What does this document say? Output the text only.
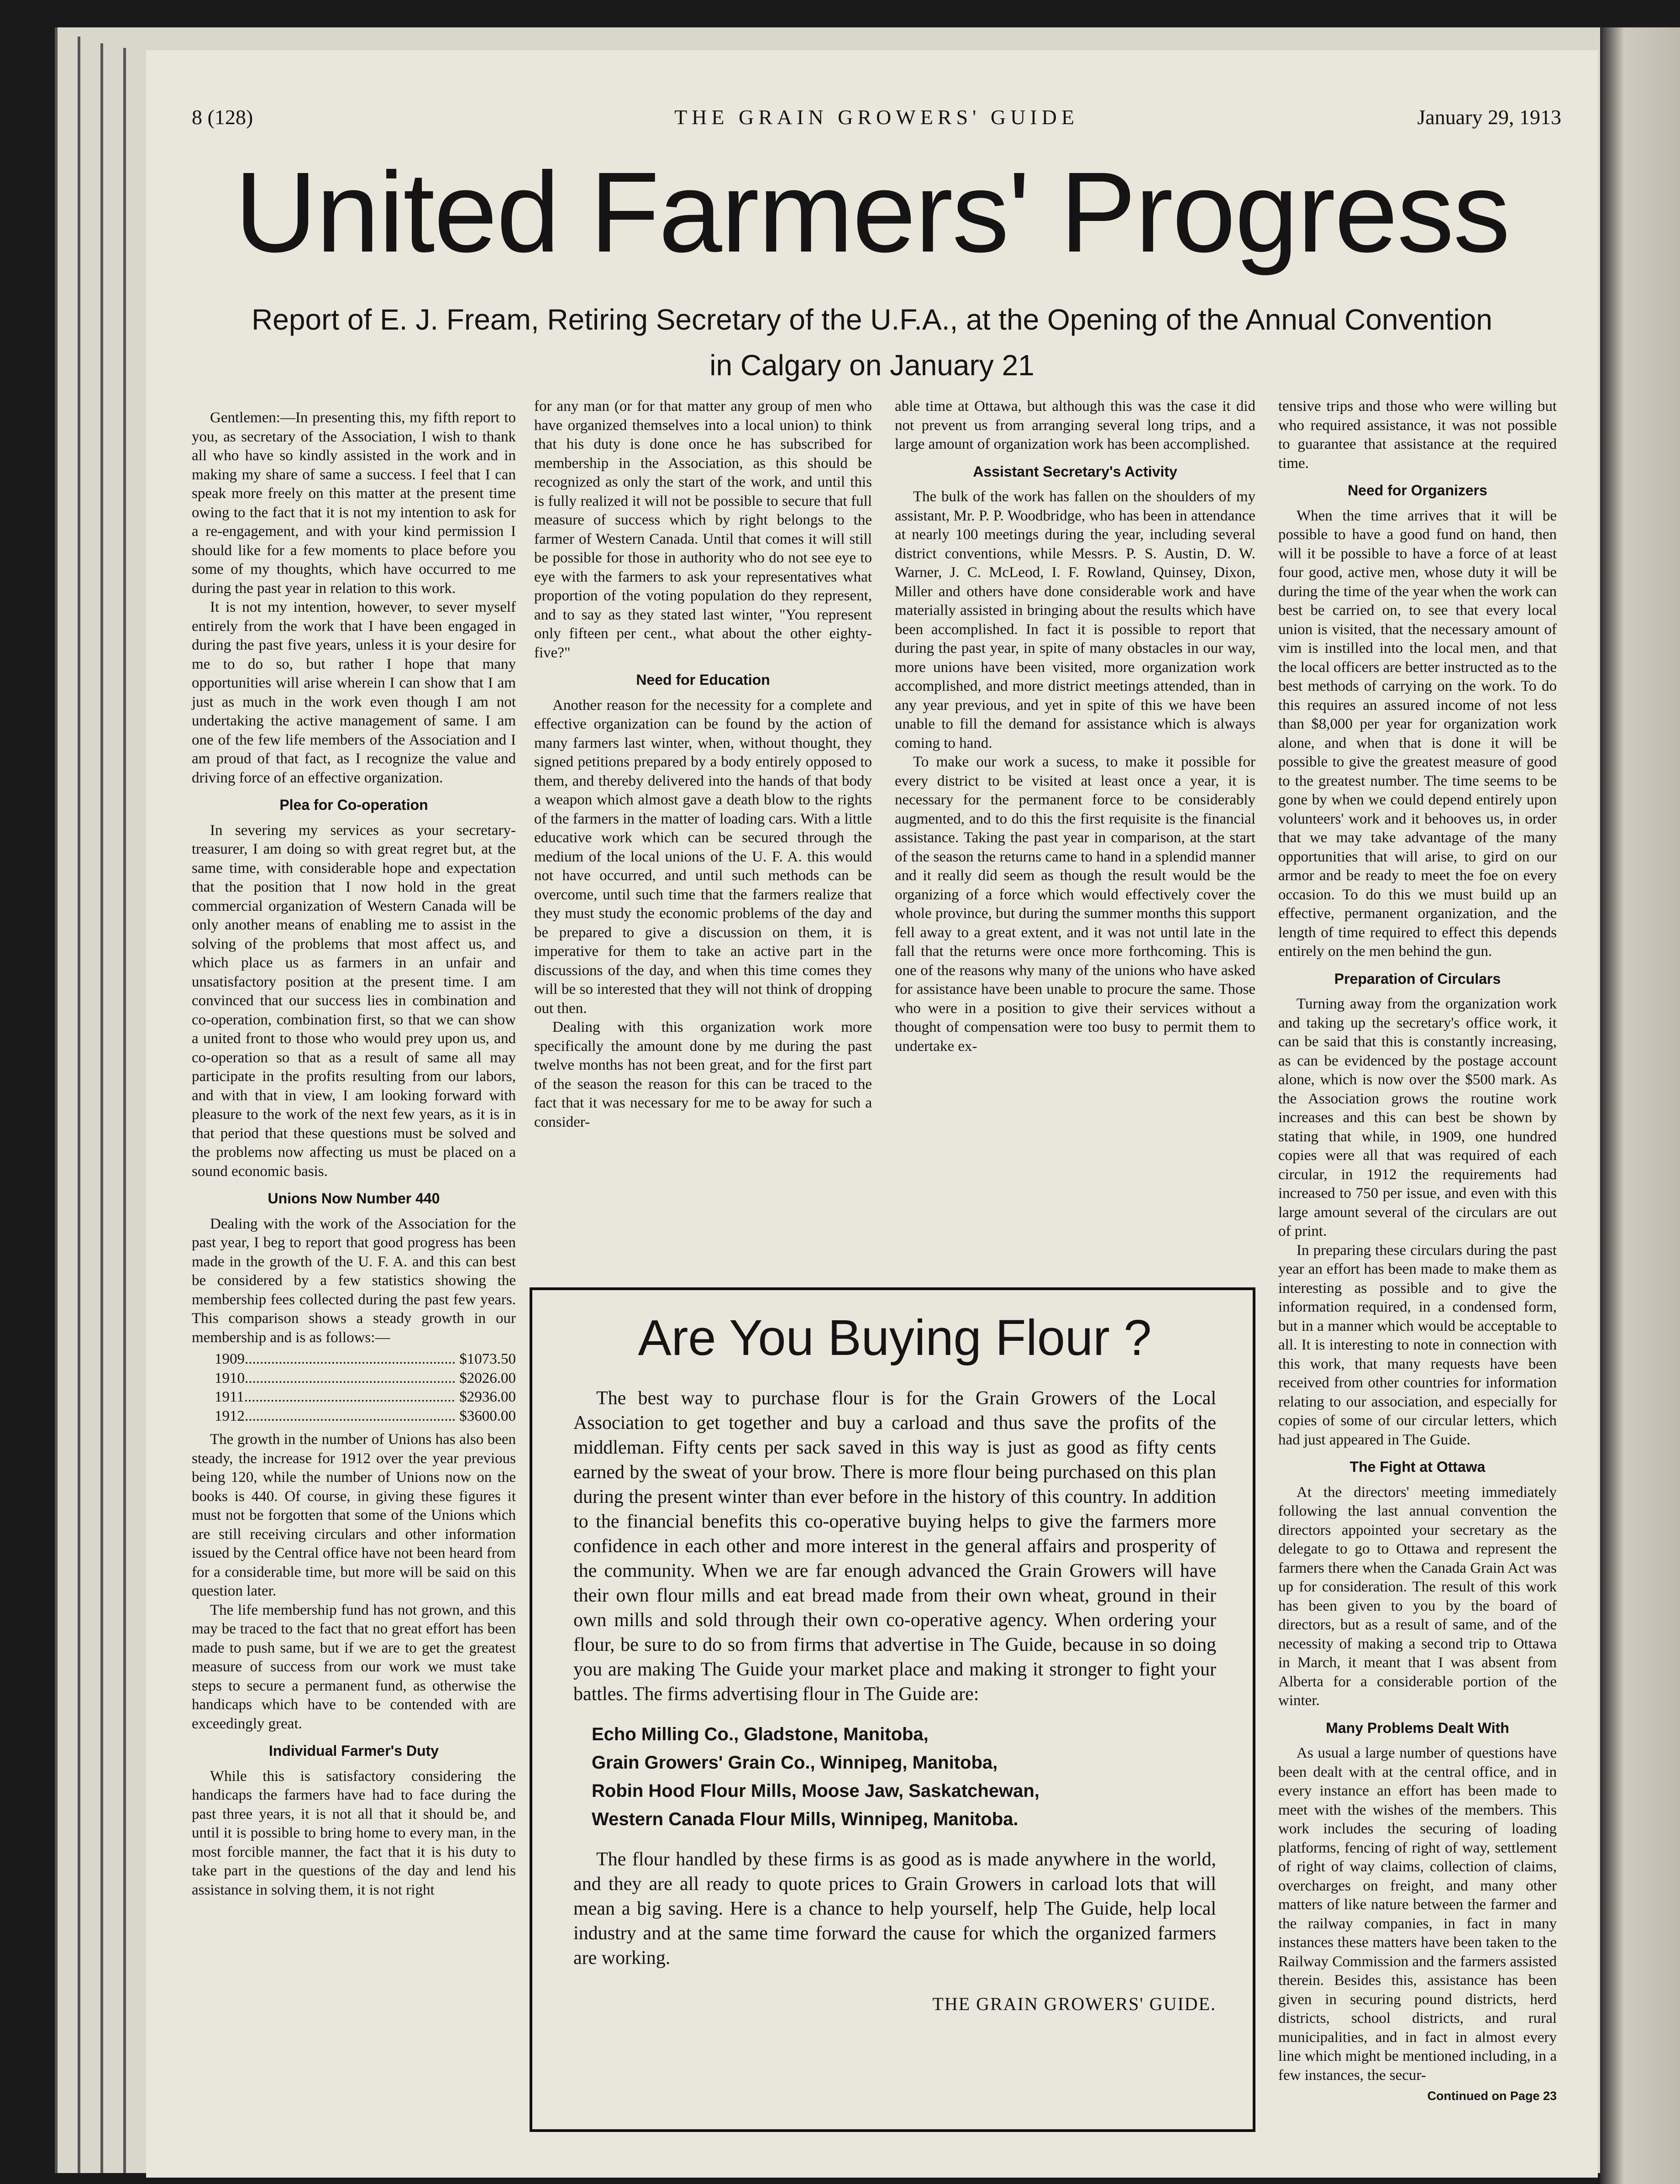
8 (128)	THE GRAIN GROWERS' GUIDE	January 29, 1913
United Farmers' Progress
Report of E. J. Fream, Retiring Secretary of the U.F.A., at the Opening of the Annual Convention in Calgary on January 21

Gentlemen:—In presenting this, my fifth report to you, as secretary of the Association, I wish to thank all who have so kindly assisted in the work and in making my share of same a success. I feel that I can speak more freely on this matter at the present time owing to the fact that it is not my intention to ask for a re-engagement, and with your kind permission I should like for a few moments to place before you some of my thoughts, which have occurred to me during the past year in relation to this work.

It is not my intention, however, to sever myself entirely from the work that I have been engaged in during the past five years, unless it is your desire for me to do so, but rather I hope that many opportunities will arise wherein I can show that I am just as much in the work even though I am not undertaking the active management of same. I am one of the few life members of the Association and I am proud of that fact, as I recognize the value and driving force of an effective organization.

Plea for Co-operation

In severing my services as your secretary-treasurer, I am doing so with great regret but, at the same time, with considerable hope and expectation that the position that I now hold in the great commercial organization of Western Canada will be only another means of enabling me to assist in the solving of the problems that most affect us, and which place us as farmers in an unfair and unsatisfactory position at the present time. I am convinced that our success lies in combination and co-operation, combination first, so that we can show a united front to those who would prey upon us, and co-operation so that as a result of same all may participate in the profits resulting from our labors, and with that in view, I am looking forward with pleasure to the work of the next few years, as it is in that period that these questions must be solved and the problems now affecting us must be placed on a sound economic basis.

Unions Now Number 440

Dealing with the work of the Association for the past year, I beg to report that good progress has been made in the growth of the U. F. A. and this can best be considered by a few statistics showing the membership fees collected during the past few years. This comparison shows a steady growth in our membership and is as follows:—

1909 ........................................................ $1073.50
1910 ........................................................ $2026.00
1911 ........................................................ $2936.00
1912 ........................................................ $3600.00

The growth in the number of Unions has also been steady, the increase for 1912 over the year previous being 120, while the number of Unions now on the books is 440. Of course, in giving these figures it must not be forgotten that some of the Unions which are still receiving circulars and other information issued by the Central office have not been heard from for a considerable time, but more will be said on this question later.

The life membership fund has not grown, and this may be traced to the fact that no great effort has been made to push same, but if we are to get the greatest measure of success from our work we must take steps to secure a permanent fund, as otherwise the handicaps which have to be contended with are exceedingly great.

Individual Farmer's Duty

While this is satisfactory considering the handicaps the farmers have had to face during the past three years, it is not all that it should be, and until it is possible to bring home to every man, in the most forcible manner, the fact that it is his duty to take part in the questions of the day and lend his assistance in solving them, it is not right

for any man (or for that matter any group of men who have organized themselves into a local union) to think that his duty is done once he has subscribed for membership in the Association, as this should be recognized as only the start of the work, and until this is fully realized it will not be possible to secure that full measure of success which by right belongs to the farmer of Western Canada. Until that comes it will still be possible for those in authority who do not see eye to eye with the farmers to ask your representatives what proportion of the voting population do they represent, and to say as they stated last winter, "You represent only fifteen per cent., what about the other eighty-five?"

Need for Education

Another reason for the necessity for a complete and effective organization can be found by the action of many farmers last winter, when, without thought, they signed petitions prepared by a body entirely opposed to them, and thereby delivered into the hands of that body a weapon which almost gave a death blow to the rights of the farmers in the matter of loading cars. With a little educative work which can be secured through the medium of the local unions of the U. F. A. this would not have occurred, and until such methods can be overcome, until such time that the farmers realize that they must study the economic problems of the day and be prepared to give a discussion on them, it is imperative for them to take an active part in the discussions of the day, and when this time comes they will be so interested that they will not think of dropping out then.

Dealing with this organization work more specifically the amount done by me during the past twelve months has not been great, and for the first part of the season the reason for this can be traced to the fact that it was necessary for me to be away for such a consider-

able time at Ottawa, but although this was the case it did not prevent us from arranging several long trips, and a large amount of organization work has been accomplished.

Assistant Secretary's Activity

The bulk of the work has fallen on the shoulders of my assistant, Mr. P. P. Woodbridge, who has been in attendance at nearly 100 meetings during the year, including several district conventions, while Messrs. P. S. Austin, D. W. Warner, J. C. McLeod, I. F. Rowland, Quinsey, Dixon, Miller and others have done considerable work and have materially assisted in bringing about the results which have been accomplished. In fact it is possible to report that during the past year, in spite of many obstacles in our way, more unions have been visited, more organization work accomplished, and more district meetings attended, than in any year previous, and yet in spite of this we have been unable to fill the demand for assistance which is always coming to hand.

To make our work a sucess, to make it possible for every district to be visited at least once a year, it is necessary for the permanent force to be considerably augmented, and to do this the first requisite is the financial assistance. Taking the past year in comparison, at the start of the season the returns came to hand in a splendid manner and it really did seem as though the result would be the organizing of a force which would effectively cover the whole province, but during the summer months this support fell away to a great extent, and it was not until late in the fall that the returns were once more forthcoming. This is one of the reasons why many of the unions who have asked for assistance have been unable to procure the same. Those who were in a position to give their services without a thought of compensation were too busy to permit them to undertake ex-

tensive trips and those who were willing but who required assistance, it was not possible to guarantee that assistance at the required time.

Need for Organizers

When the time arrives that it will be possible to have a good fund on hand, then will it be possible to have a force of at least four good, active men, whose duty it will be during the time of the year when the work can best be carried on, to see that every local union is visited, that the necessary amount of vim is instilled into the local men, and that the local officers are better instructed as to the best methods of carrying on the work. To do this requires an assured income of not less than $8,000 per year for organization work alone, and when that is done it will be possible to give the greatest measure of good to the greatest number. The time seems to be gone by when we could depend entirely upon volunteers' work and it behooves us, in order that we may take advantage of the many opportunities that will arise, to gird on our armor and be ready to meet the foe on every occasion. To do this we must build up an effective, permanent organization, and the length of time required to effect this depends entirely on the men behind the gun.

Preparation of Circulars

Turning away from the organization work and taking up the secretary's office work, it can be said that this is constantly increasing, as can be evidenced by the postage account alone, which is now over the $500 mark. As the Association grows the routine work increases and this can best be shown by stating that while, in 1909, one hundred copies were all that was required of each circular, in 1912 the requirements had increased to 750 per issue, and even with this large amount several of the circulars are out of print.

In preparing these circulars during the past year an effort has been made to make them as interesting as possible and to give the information required, in a condensed form, but in a manner which would be acceptable to all. It is interesting to note in connection with this work, that many requests have been received from other countries for information relating to our association, and especially for copies of some of our circular letters, which had just appeared in The Guide.

The Fight at Ottawa

At the directors' meeting immediately following the last annual convention the directors appointed your secretary as the delegate to go to Ottawa and represent the farmers there when the Canada Grain Act was up for consideration. The result of this work has been given to you by the board of directors, but as a result of same, and of the necessity of making a second trip to Ottawa in March, it meant that I was absent from Alberta for a considerable portion of the winter.

Many Problems Dealt With

As usual a large number of questions have been dealt with at the central office, and in every instance an effort has been made to meet with the wishes of the members. This work includes the securing of loading platforms, fencing of right of way, settlement of right of way claims, collection of claims, overcharges on freight, and many other matters of like nature between the farmer and the railway companies, in fact in many instances these matters have been taken to the Railway Commission and the farmers assisted therein. Besides this, assistance has been given in securing pound districts, herd districts, school districts, and rural municipalities, and in fact in almost every line which might be mentioned including, in a few instances, the secur-

Continued on Page 23
Are You Buying Flour ?

The best way to purchase flour is for the Grain Growers of the Local Association to get together and buy a carload and thus save the profits of the middleman. Fifty cents per sack saved in this way is just as good as fifty cents earned by the sweat of your brow. There is more flour being purchased on this plan during the present winter than ever before in the history of this country. In addition to the financial benefits this co-operative buying helps to give the farmers more confidence in each other and more interest in the general affairs and prosperity of the community. When we are far enough advanced the Grain Growers will have their own flour mills and eat bread made from their own wheat, ground in their own mills and sold through their own co-operative agency. When ordering your flour, be sure to do so from firms that advertise in The Guide, because in so doing you are making The Guide your market place and making it stronger to fight your battles. The firms advertising flour in The Guide are:

Echo Milling Co., Gladstone, Manitoba,
Grain Growers' Grain Co., Winnipeg, Manitoba,
Robin Hood Flour Mills, Moose Jaw, Saskatchewan,
Western Canada Flour Mills, Winnipeg, Manitoba.

The flour handled by these firms is as good as is made anywhere in the world, and they are all ready to quote prices to Grain Growers in carload lots that will mean a big saving. Here is a chance to help yourself, help The Guide, help local industry and at the same time forward the cause for which the organized farmers are working.

THE GRAIN GROWERS' GUIDE.
